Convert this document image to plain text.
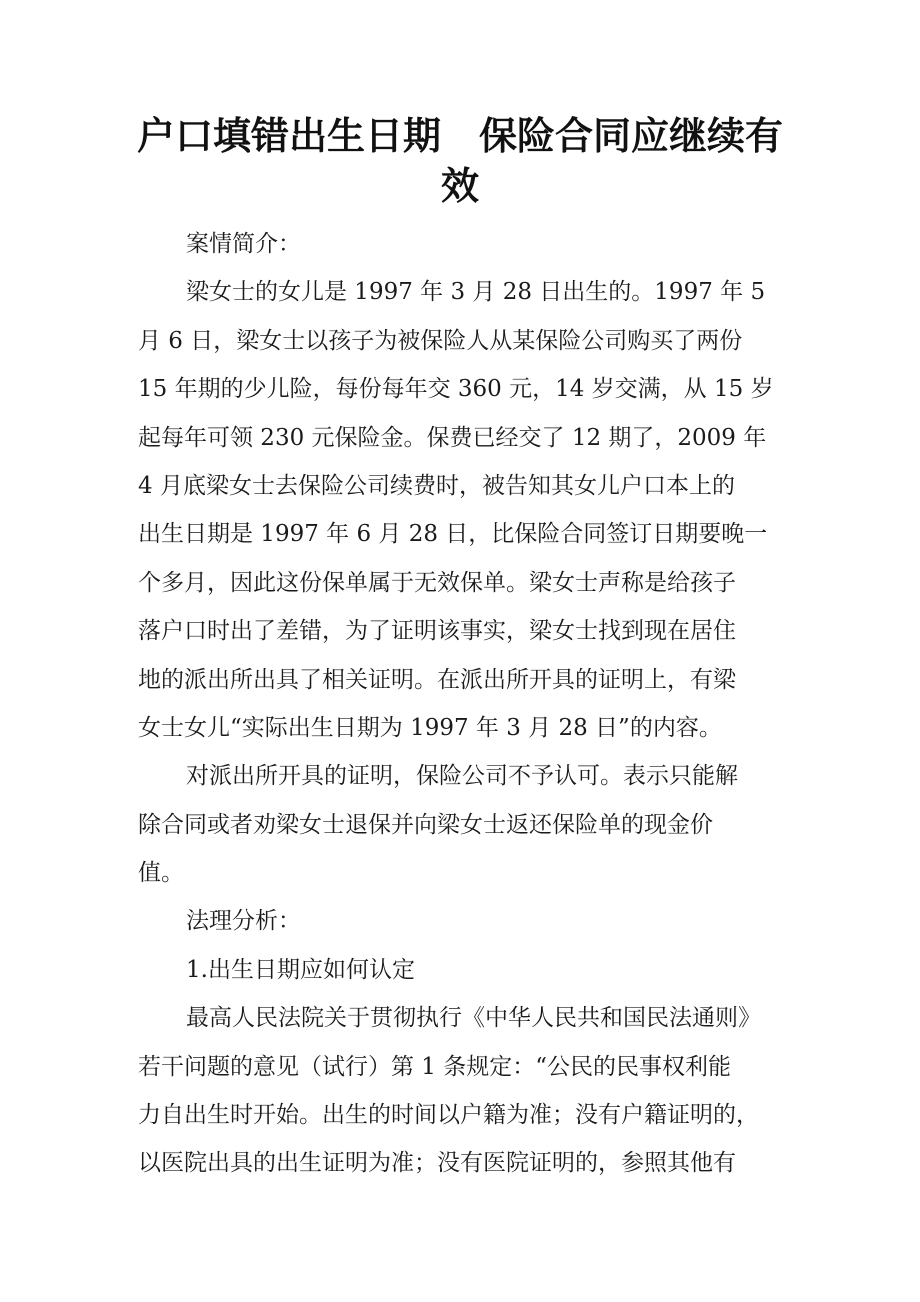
户口填错出生日期　保险合同应继续有
效
案情简介：
梁女士的女儿是 1997 年 3 月 28 日出生的。1997 年 5
月 6 日，梁女士以孩子为被保险人从某保险公司购买了两份
15 年期的少儿险，每份每年交 360 元，14 岁交满，从 15 岁
起每年可领 230 元保险金。保费已经交了 12 期了，2009 年
4 月底梁女士去保险公司续费时，被告知其女儿户口本上的
出生日期是 1997 年 6 月 28 日，比保险合同签订日期要晚一
个多月，因此这份保单属于无效保单。梁女士声称是给孩子
落户口时出了差错，为了证明该事实，梁女士找到现在居住
地的派出所出具了相关证明。在派出所开具的证明上，有梁
女士女儿“实际出生日期为 1997 年 3 月 28 日”的内容。
对派出所开具的证明，保险公司不予认可。表示只能解
除合同或者劝梁女士退保并向梁女士返还保险单的现金价
值。
法理分析：
1.出生日期应如何认定
最高人民法院关于贯彻执行《中华人民共和国民法通则》
若干问题的意见（试行）第 1 条规定：“公民的民事权利能
力自出生时开始。出生的时间以户籍为准；没有户籍证明的，
以医院出具的出生证明为准；没有医院证明的，参照其他有
